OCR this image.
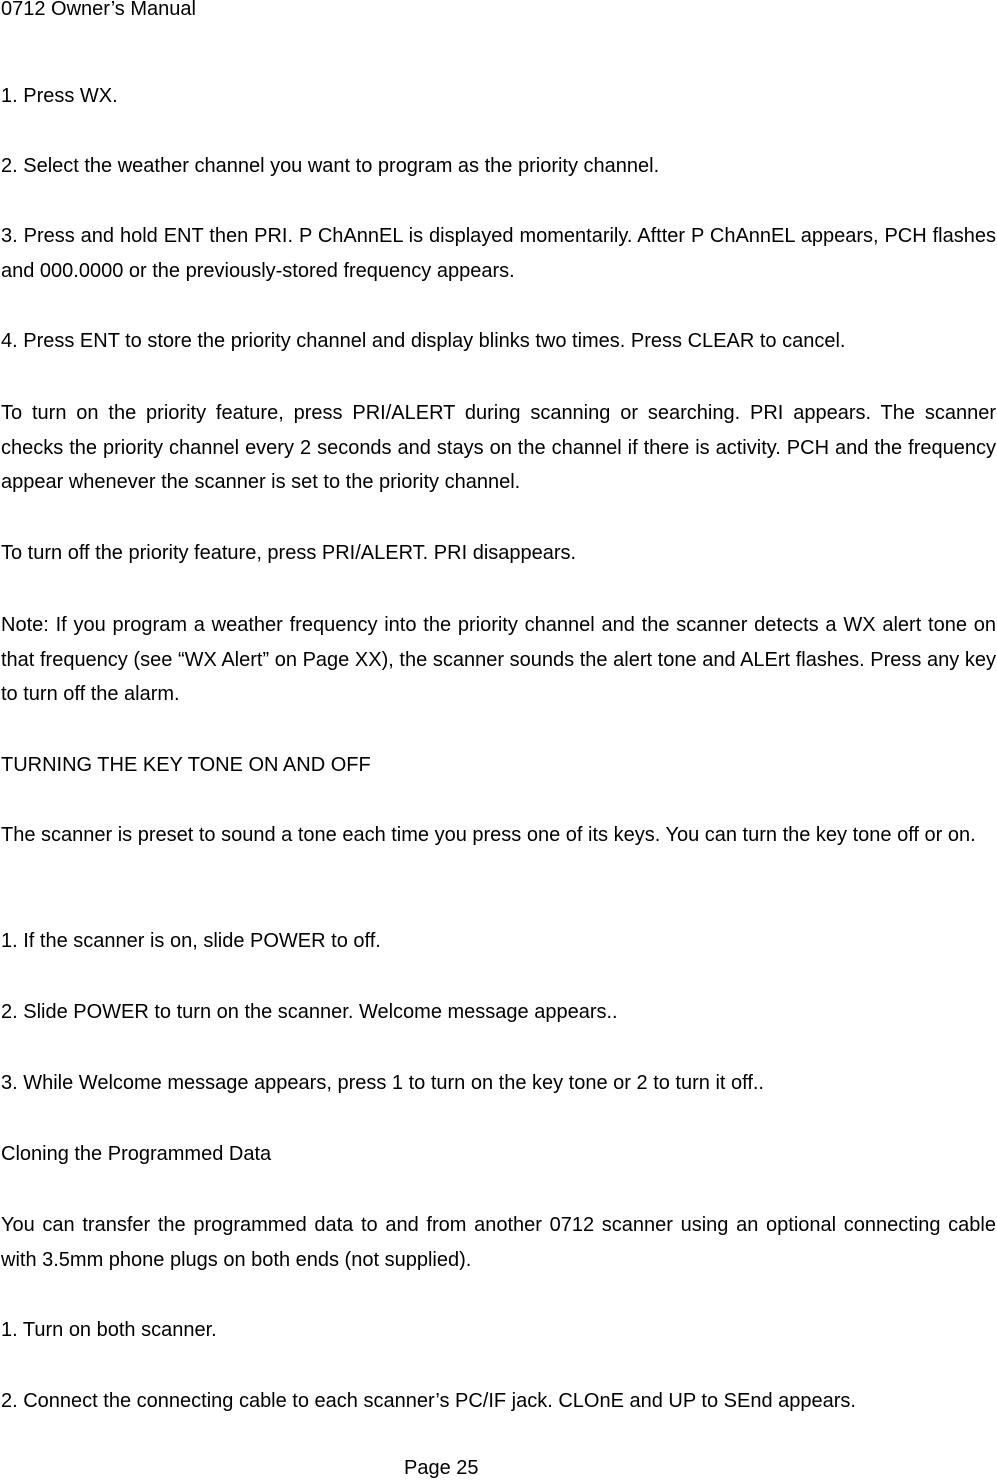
0712 Owner’s Manual

1. Press WX.

2. Select the weather channel you want to program as the priority channel.

3. Press and hold ENT then PRI. P ChAnnEL is displayed momentarily. Aftter P ChAnnEL appears, PCH flashes and 000.0000 or the previously-stored frequency appears.

4. Press ENT to store the priority channel and display blinks two times. Press CLEAR to cancel.

To turn on the priority feature, press PRI/ALERT during scanning or searching. PRI appears. The scanner checks the priority channel every 2 seconds and stays on the channel if there is activity. PCH and the frequency appear whenever the scanner is set to the priority channel.

To turn off the priority feature, press PRI/ALERT. PRI disappears.

Note: If you program a weather frequency into the priority channel and the scanner detects a WX alert tone on that frequency (see “WX Alert” on Page XX), the scanner sounds the alert tone and ALErt flashes. Press any key to turn off the alarm.

TURNING THE KEY TONE ON AND OFF

The scanner is preset to sound a tone each time you press one of its keys. You can turn the key tone off or on.

1. If the scanner is on, slide POWER to off.

2. Slide POWER to turn on the scanner. Welcome message appears..

3. While Welcome message appears, press 1 to turn on the key tone or 2 to turn it off..

Cloning the Programmed Data

You can transfer the programmed data to and from another 0712 scanner using an optional connecting cable with 3.5mm phone plugs on both ends (not supplied).

1. Turn on both scanner.

2. Connect the connecting cable to each scanner’s PC/IF jack. CLOnE and UP to SEnd appears.

Page 25
